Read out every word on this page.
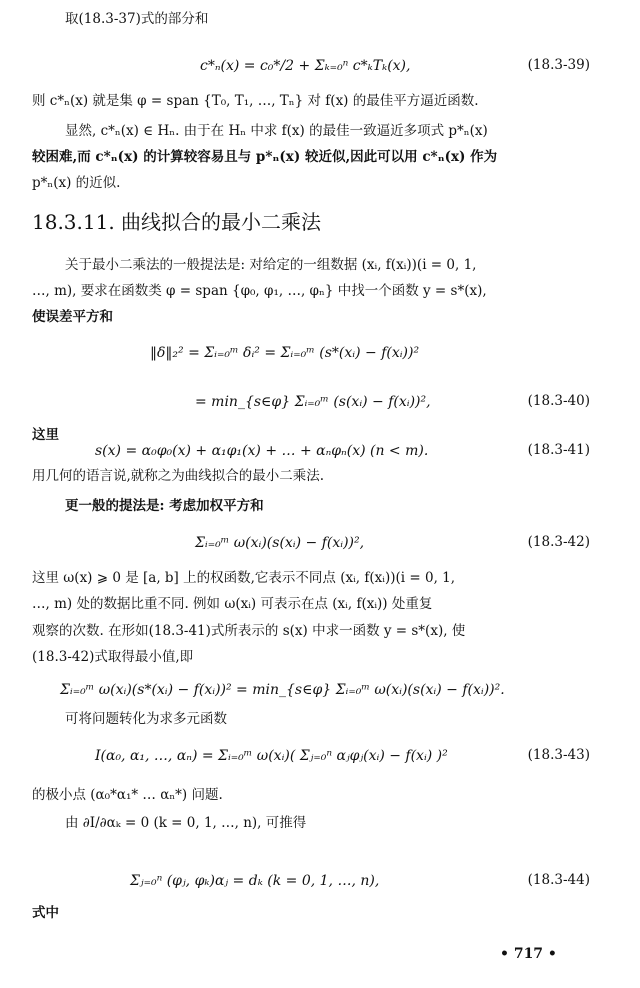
取(18.3-37)式的部分和
c*ₙ(x) = c₀*/2 + Σₖ₌₀ⁿ c*ₖTₖ(x),	(18.3-39)
则 c*ₙ(x) 就是集 φ = span {T₀, T₁, …, Tₙ} 对 f(x) 的最佳平方逼近函数.
显然, c*ₙ(x) ∈ Hₙ. 由于在 Hₙ 中求 f(x) 的最佳一致逼近多项式 p*ₙ(x)
较困难,而 c*ₙ(x) 的计算较容易且与 p*ₙ(x) 较近似,因此可以用 c*ₙ(x) 作为
p*ₙ(x) 的近似.
18.3.11. 曲线拟合的最小二乘法
关于最小二乘法的一般提法是: 对给定的一组数据 (xᵢ, f(xᵢ))(i = 0, 1,
…, m), 要求在函数类 φ = span {φ₀, φ₁, …, φₙ} 中找一个函数 y = s*(x),
使误差平方和
‖δ‖₂² = Σᵢ₌₀ᵐ δᵢ² = Σᵢ₌₀ᵐ (s*(xᵢ) − f(xᵢ))²
= min_{s∈φ} Σᵢ₌₀ᵐ (s(xᵢ) − f(xᵢ))²,	(18.3-40)
这里
s(x) = α₀φ₀(x) + α₁φ₁(x) + … + αₙφₙ(x) (n < m).	(18.3-41)
用几何的语言说,就称之为曲线拟合的最小二乘法.
更一般的提法是: 考虑加权平方和
Σᵢ₌₀ᵐ ω(xᵢ)(s(xᵢ) − f(xᵢ))²,	(18.3-42)
这里 ω(x) ⩾ 0 是 [a, b] 上的权函数,它表示不同点 (xᵢ, f(xᵢ))(i = 0, 1,
…, m) 处的数据比重不同. 例如 ω(xᵢ) 可表示在点 (xᵢ, f(xᵢ)) 处重复
观察的次数. 在形如(18.3-41)式所表示的 s(x) 中求一函数 y = s*(x), 使
(18.3-42)式取得最小值,即
Σᵢ₌₀ᵐ ω(xᵢ)(s*(xᵢ) − f(xᵢ))² = min_{s∈φ} Σᵢ₌₀ᵐ ω(xᵢ)(s(xᵢ) − f(xᵢ))².
可将问题转化为求多元函数
I(α₀, α₁, …, αₙ) = Σᵢ₌₀ᵐ ω(xᵢ)( Σⱼ₌₀ⁿ αⱼφⱼ(xᵢ) − f(xᵢ) )²	(18.3-43)
的极小点 (α₀*α₁* … αₙ*) 问题.
由 ∂I/∂αₖ = 0 (k = 0, 1, …, n), 可推得
Σⱼ₌₀ⁿ (φⱼ, φₖ)αⱼ = dₖ (k = 0, 1, …, n),	(18.3-44)
式中
• 717 •
